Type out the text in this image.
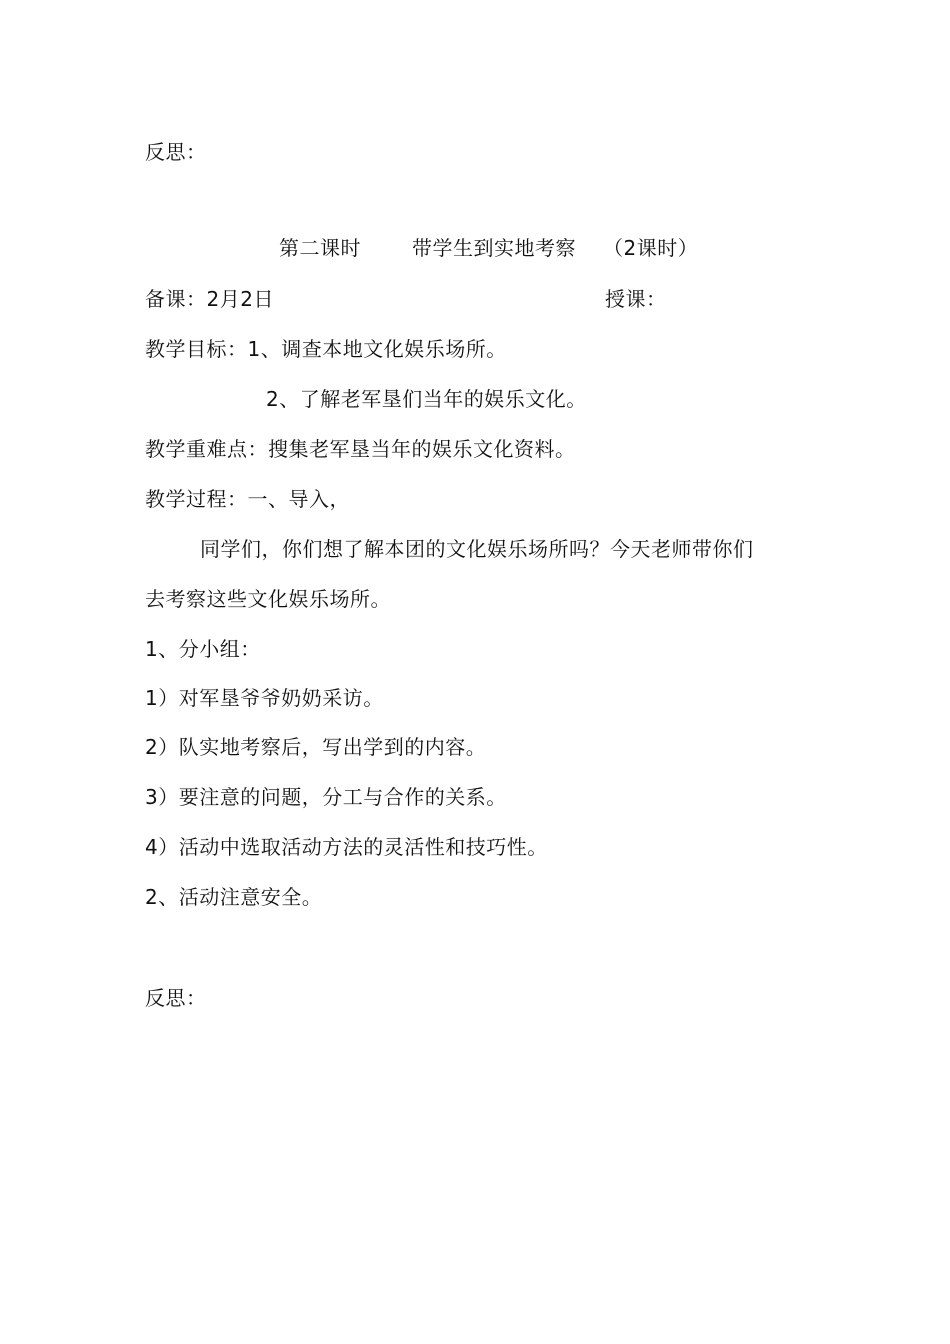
反思：
第二课时	带学生到实地考察 （2课时）
备课：2月2日	授课：
教学目标：1、调查本地文化娱乐场所。
2、了解老军垦们当年的娱乐文化。
教学重难点：搜集老军垦当年的娱乐文化资料。
教学过程：一、导入，
同学们，你们想了解本团的文化娱乐场所吗？今天老师带你们
去考察这些文化娱乐场所。
1、分小组：
1）对军垦爷爷奶奶采访。
2）队实地考察后，写出学到的内容。
3）要注意的问题，分工与合作的关系。
4）活动中选取活动方法的灵活性和技巧性。
2、活动注意安全。
反思：
